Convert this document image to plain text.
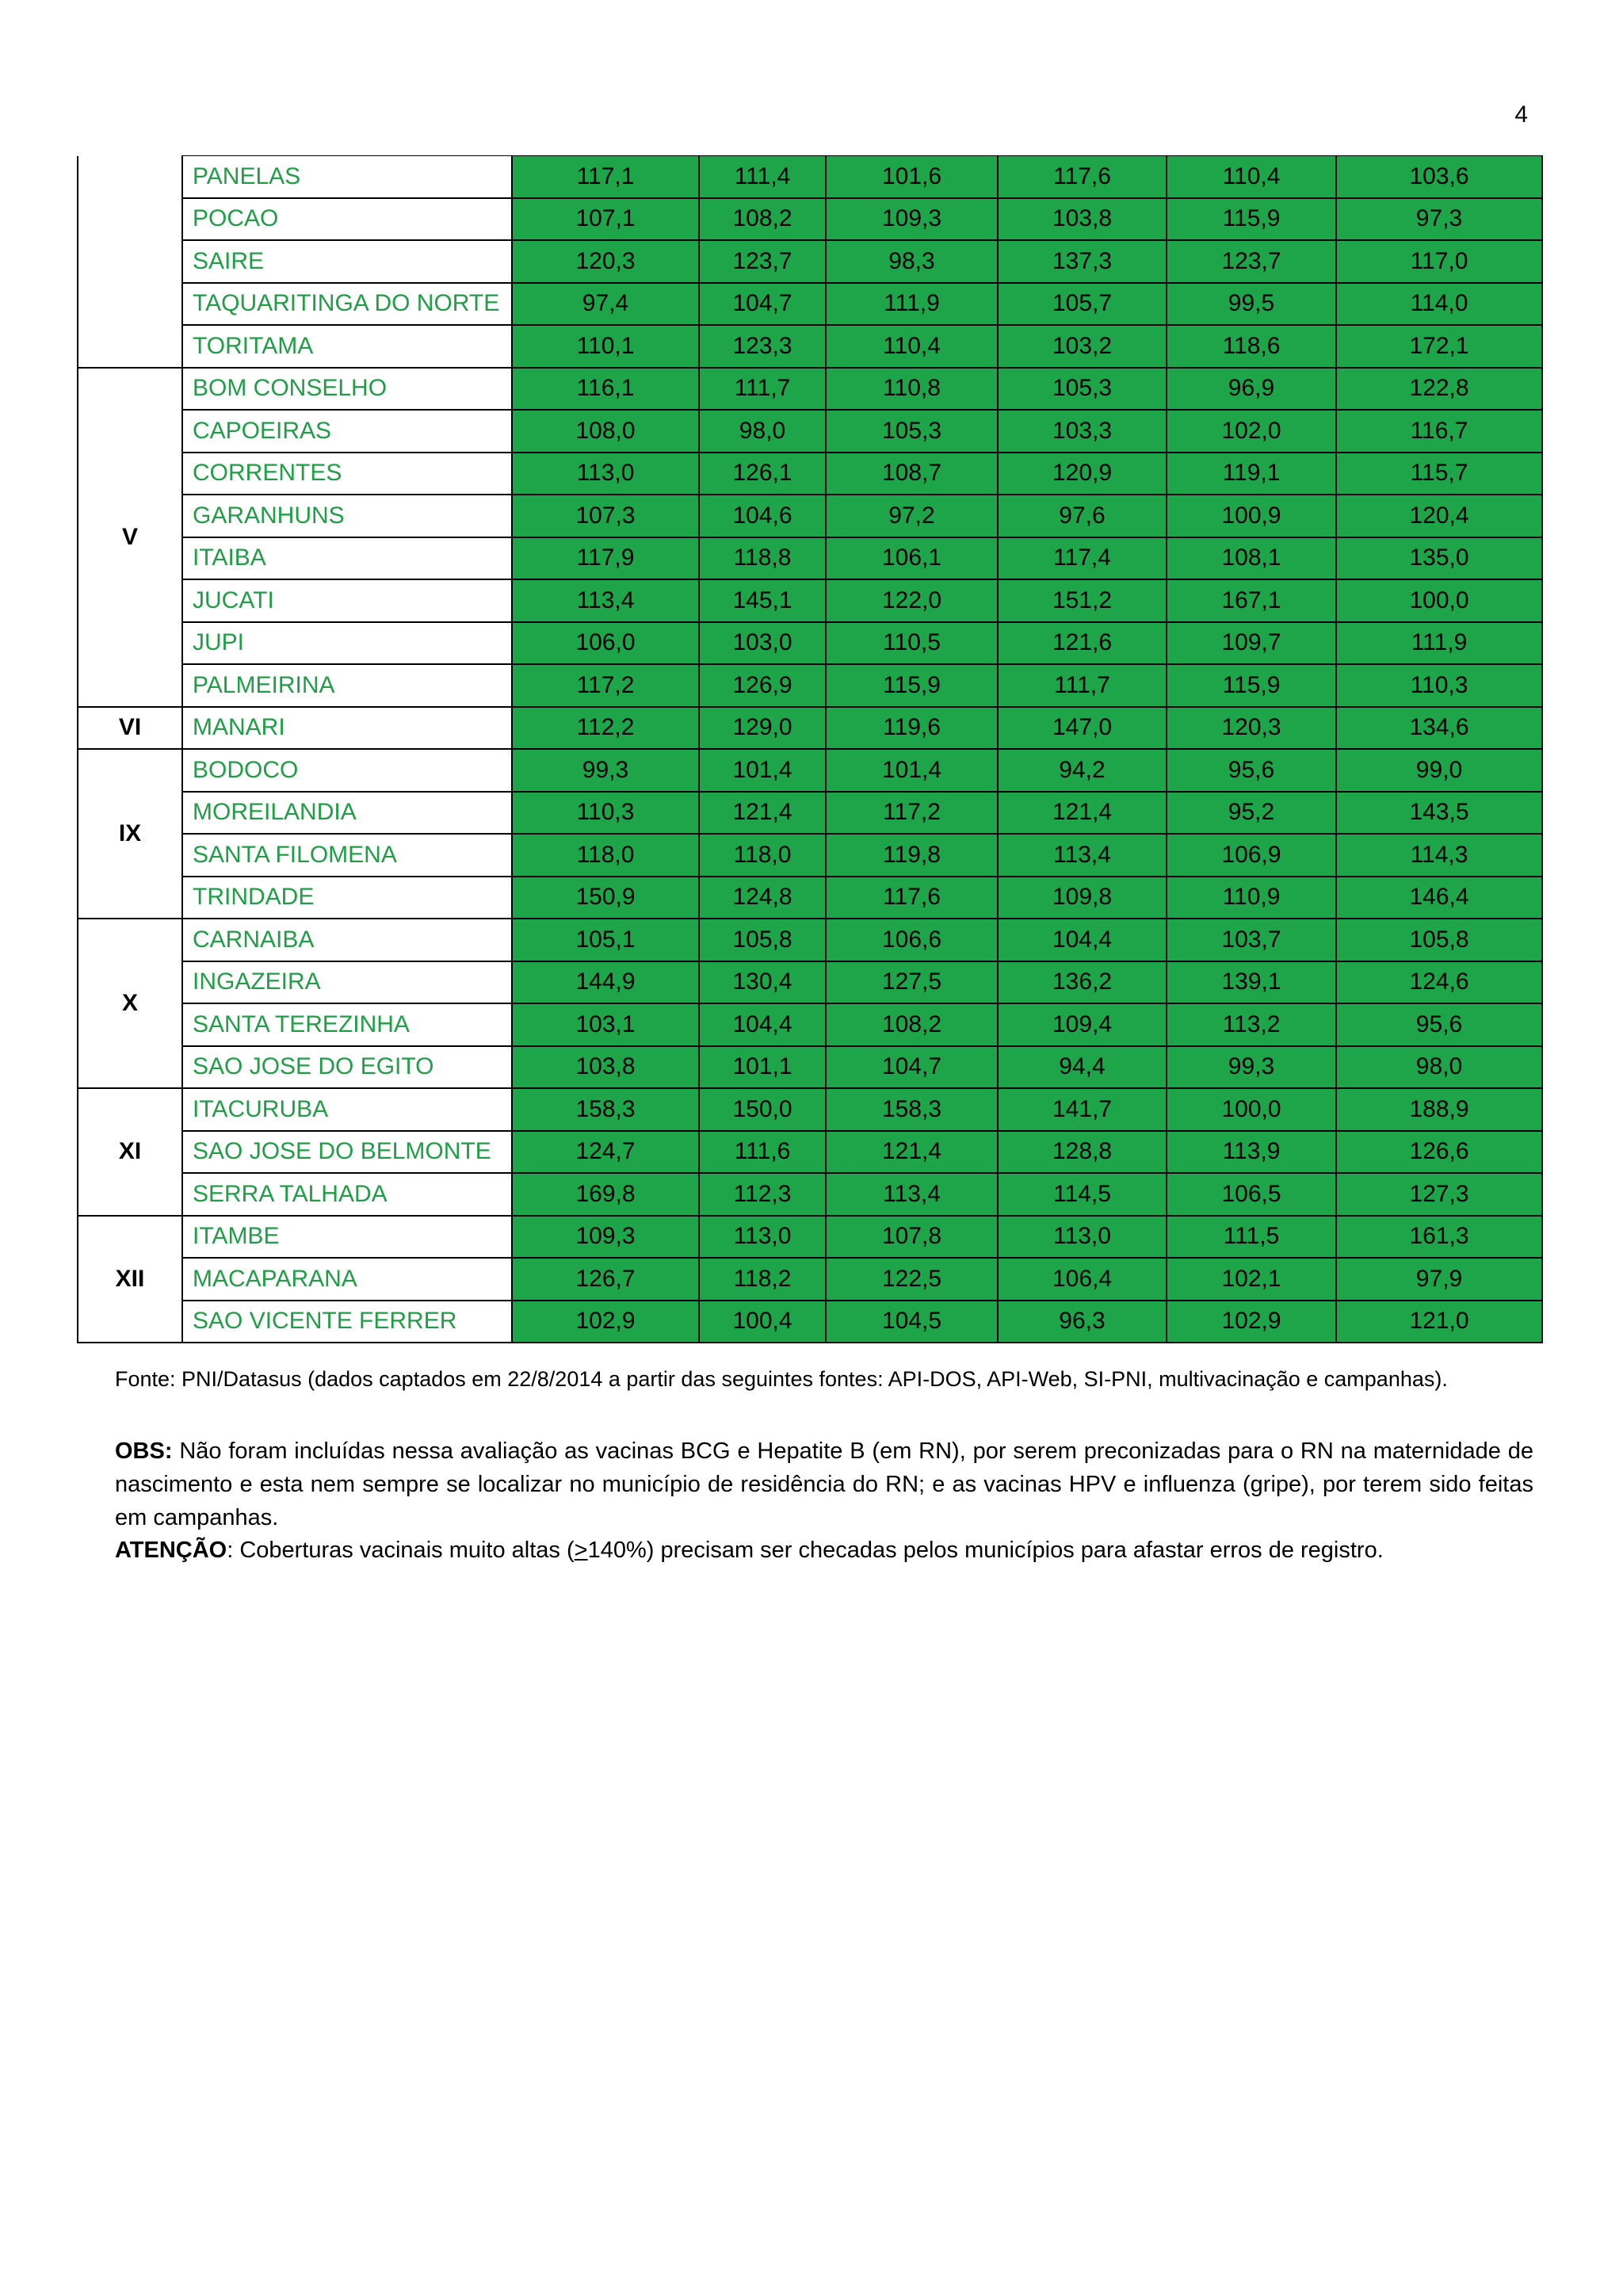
4
	PANELAS	117,1	111,4	101,6	117,6	110,4	103,6
	POCAO	107,1	108,2	109,3	103,8	115,9	97,3
	SAIRE	120,3	123,7	98,3	137,3	123,7	117,0
	TAQUARITINGA DO NORTE	97,4	104,7	111,9	105,7	99,5	114,0
	TORITAMA	110,1	123,3	110,4	103,2	118,6	172,1
V	BOM CONSELHO	116,1	111,7	110,8	105,3	96,9	122,8
	CAPOEIRAS	108,0	98,0	105,3	103,3	102,0	116,7
	CORRENTES	113,0	126,1	108,7	120,9	119,1	115,7
	GARANHUNS	107,3	104,6	97,2	97,6	100,9	120,4
	ITAIBA	117,9	118,8	106,1	117,4	108,1	135,0
	JUCATI	113,4	145,1	122,0	151,2	167,1	100,0
	JUPI	106,0	103,0	110,5	121,6	109,7	111,9
	PALMEIRINA	117,2	126,9	115,9	111,7	115,9	110,3
VI	MANARI	112,2	129,0	119,6	147,0	120,3	134,6
IX	BODOCO	99,3	101,4	101,4	94,2	95,6	99,0
	MOREILANDIA	110,3	121,4	117,2	121,4	95,2	143,5
	SANTA FILOMENA	118,0	118,0	119,8	113,4	106,9	114,3
	TRINDADE	150,9	124,8	117,6	109,8	110,9	146,4
X	CARNAIBA	105,1	105,8	106,6	104,4	103,7	105,8
	INGAZEIRA	144,9	130,4	127,5	136,2	139,1	124,6
	SANTA TEREZINHA	103,1	104,4	108,2	109,4	113,2	95,6
	SAO JOSE DO EGITO	103,8	101,1	104,7	94,4	99,3	98,0
XI	ITACURUBA	158,3	150,0	158,3	141,7	100,0	188,9
	SAO JOSE DO BELMONTE	124,7	111,6	121,4	128,8	113,9	126,6
	SERRA TALHADA	169,8	112,3	113,4	114,5	106,5	127,3
XII	ITAMBE	109,3	113,0	107,8	113,0	111,5	161,3
	MACAPARANA	126,7	118,2	122,5	106,4	102,1	97,9
	SAO VICENTE FERRER	102,9	100,4	104,5	96,3	102,9	121,0
Fonte: PNI/Datasus (dados captados em 22/8/2014 a partir das seguintes fontes: API-DOS, API-Web, SI-PNI, multivacinação e campanhas).
OBS: Não foram incluídas nessa avaliação as vacinas BCG e Hepatite B (em RN), por serem preconizadas para o RN na maternidade de nascimento e esta nem sempre se localizar no município de residência do RN; e as vacinas HPV e influenza (gripe), por terem sido feitas em campanhas.
ATENÇÃO: Coberturas vacinais muito altas (≥140%) precisam ser checadas pelos municípios para afastar erros de registro.
